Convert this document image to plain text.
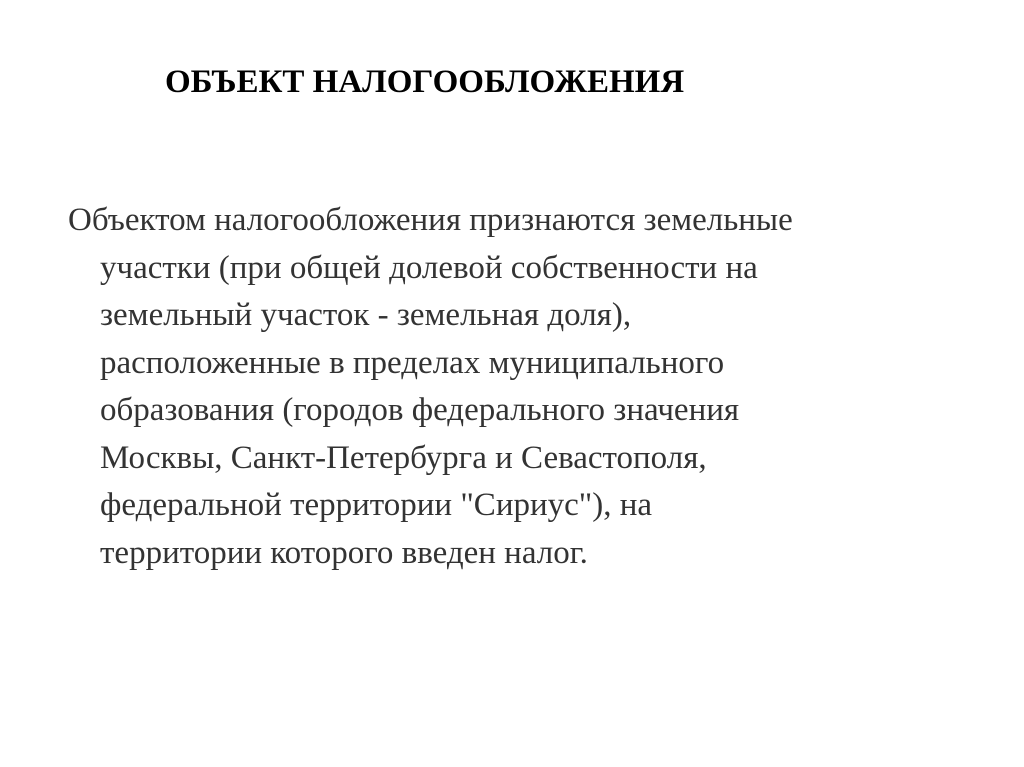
ОБЪЕКТ НАЛОГООБЛОЖЕНИЯ

Объектом налогообложения признаются земельные
участки (при общей долевой собственности на
земельный участок - земельная доля),
расположенные в пределах муниципального
образования (городов федерального значения
Москвы, Санкт-Петербурга и Севастополя,
федеральной территории "Сириус"), на
территории которого введен налог.
